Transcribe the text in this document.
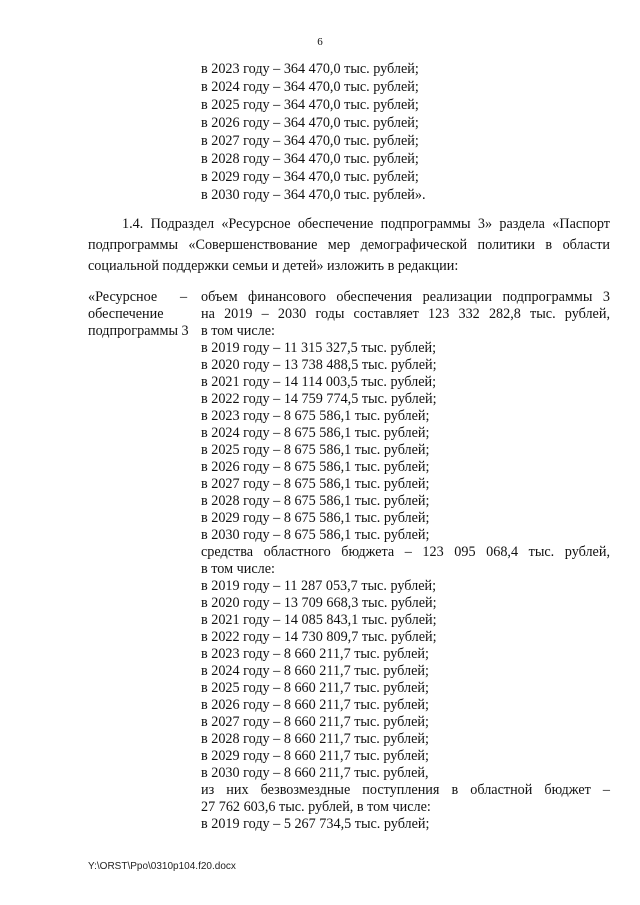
6
в 2023 году – 364 470,0 тыс. рублей;
в 2024 году – 364 470,0 тыс. рублей;
в 2025 году – 364 470,0 тыс. рублей;
в 2026 году – 364 470,0 тыс. рублей;
в 2027 году – 364 470,0 тыс. рублей;
в 2028 году – 364 470,0 тыс. рублей;
в 2029 году – 364 470,0 тыс. рублей;
в 2030 году – 364 470,0 тыс. рублей».
1.4. Подраздел «Ресурсное обеспечение подпрограммы 3» раздела «Паспорт подпрограммы «Совершенствование мер демографической политики в области социальной поддержки семьи и детей» изложить в редакции:
«Ресурсное
обеспечение
подпрограммы 3
– объем финансового обеспечения реализации подпрограммы 3
на 2019 – 2030 годы составляет 123 332 282,8 тыс. рублей,
в том числе:
в 2019 году – 11 315 327,5 тыс. рублей;
в 2020 году – 13 738 488,5 тыс. рублей;
в 2021 году – 14 114 003,5 тыс. рублей;
в 2022 году – 14 759 774,5 тыс. рублей;
в 2023 году – 8 675 586,1 тыс. рублей;
в 2024 году – 8 675 586,1 тыс. рублей;
в 2025 году – 8 675 586,1 тыс. рублей;
в 2026 году – 8 675 586,1 тыс. рублей;
в 2027 году – 8 675 586,1 тыс. рублей;
в 2028 году – 8 675 586,1 тыс. рублей;
в 2029 году – 8 675 586,1 тыс. рублей;
в 2030 году – 8 675 586,1 тыс. рублей;
средства областного бюджета – 123 095 068,4 тыс. рублей,
в том числе:
в 2019 году – 11 287 053,7 тыс. рублей;
в 2020 году – 13 709 668,3 тыс. рублей;
в 2021 году – 14 085 843,1 тыс. рублей;
в 2022 году – 14 730 809,7 тыс. рублей;
в 2023 году – 8 660 211,7 тыс. рублей;
в 2024 году – 8 660 211,7 тыс. рублей;
в 2025 году – 8 660 211,7 тыс. рублей;
в 2026 году – 8 660 211,7 тыс. рублей;
в 2027 году – 8 660 211,7 тыс. рублей;
в 2028 году – 8 660 211,7 тыс. рублей;
в 2029 году – 8 660 211,7 тыс. рублей;
в 2030 году – 8 660 211,7 тыс. рублей,
из них безвозмездные поступления в областной бюджет –
27 762 603,6 тыс. рублей, в том числе:
в 2019 году – 5 267 734,5 тыс. рублей;
Y:\ORST\Ppo\0310p104.f20.docx
